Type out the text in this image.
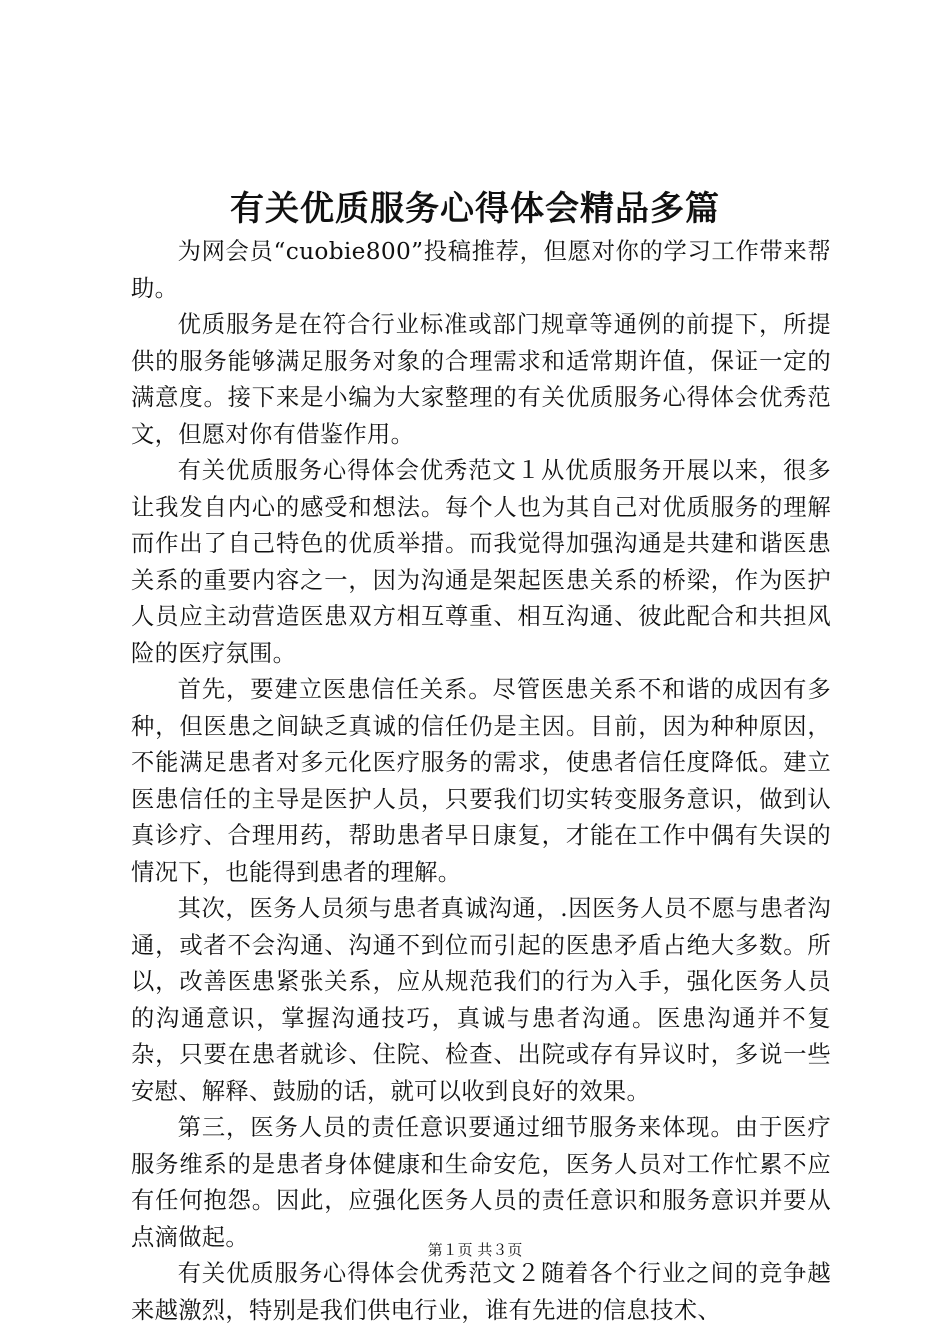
有关优质服务心得体会精品多篇

为网会员“cuobie800”投稿推荐，但愿对你的学习工作带来帮助。

优质服务是在符合行业标准或部门规章等通例的前提下，所提供的服务能够满足服务对象的合理需求和适常期许值，保证一定的满意度。接下来是小编为大家整理的有关优质服务心得体会优秀范文，但愿对你有借鉴作用。

有关优质服务心得体会优秀范文１从优质服务开展以来，很多让我发自内心的感受和想法。每个人也为其自己对优质服务的理解而作出了自己特色的优质举措。而我觉得加强沟通是共建和谐医患关系的重要内容之一，因为沟通是架起医患关系的桥梁，作为医护人员应主动营造医患双方相互尊重、相互沟通、彼此配合和共担风险的医疗氛围。

首先，要建立医患信任关系。尽管医患关系不和谐的成因有多种，但医患之间缺乏真诚的信任仍是主因。目前，因为种种原因，不能满足患者对多元化医疗服务的需求，使患者信任度降低。建立医患信任的主导是医护人员，只要我们切实转变服务意识，做到认真诊疗、合理用药，帮助患者早日康复，才能在工作中偶有失误的情况下，也能得到患者的理解。

其次，医务人员须与患者真诚沟通，.因医务人员不愿与患者沟通，或者不会沟通、沟通不到位而引起的医患矛盾占绝大多数。所以，改善医患紧张关系，应从规范我们的行为入手，强化医务人员的沟通意识，掌握沟通技巧，真诚与患者沟通。医患沟通并不复杂，只要在患者就诊、住院、检查、出院或存有异议时，多说一些安慰、解释、鼓励的话，就可以收到良好的效果。

第三，医务人员的责任意识要通过细节服务来体现。由于医疗服务维系的是患者身体健康和生命安危，医务人员对工作忙累不应有任何抱怨。因此，应强化医务人员的责任意识和服务意识并要从点滴做起。

有关优质服务心得体会优秀范文２随着各个行业之间的竞争越来越激烈，特别是我们供电行业，谁有先进的信息技术、

第１页 共３页
